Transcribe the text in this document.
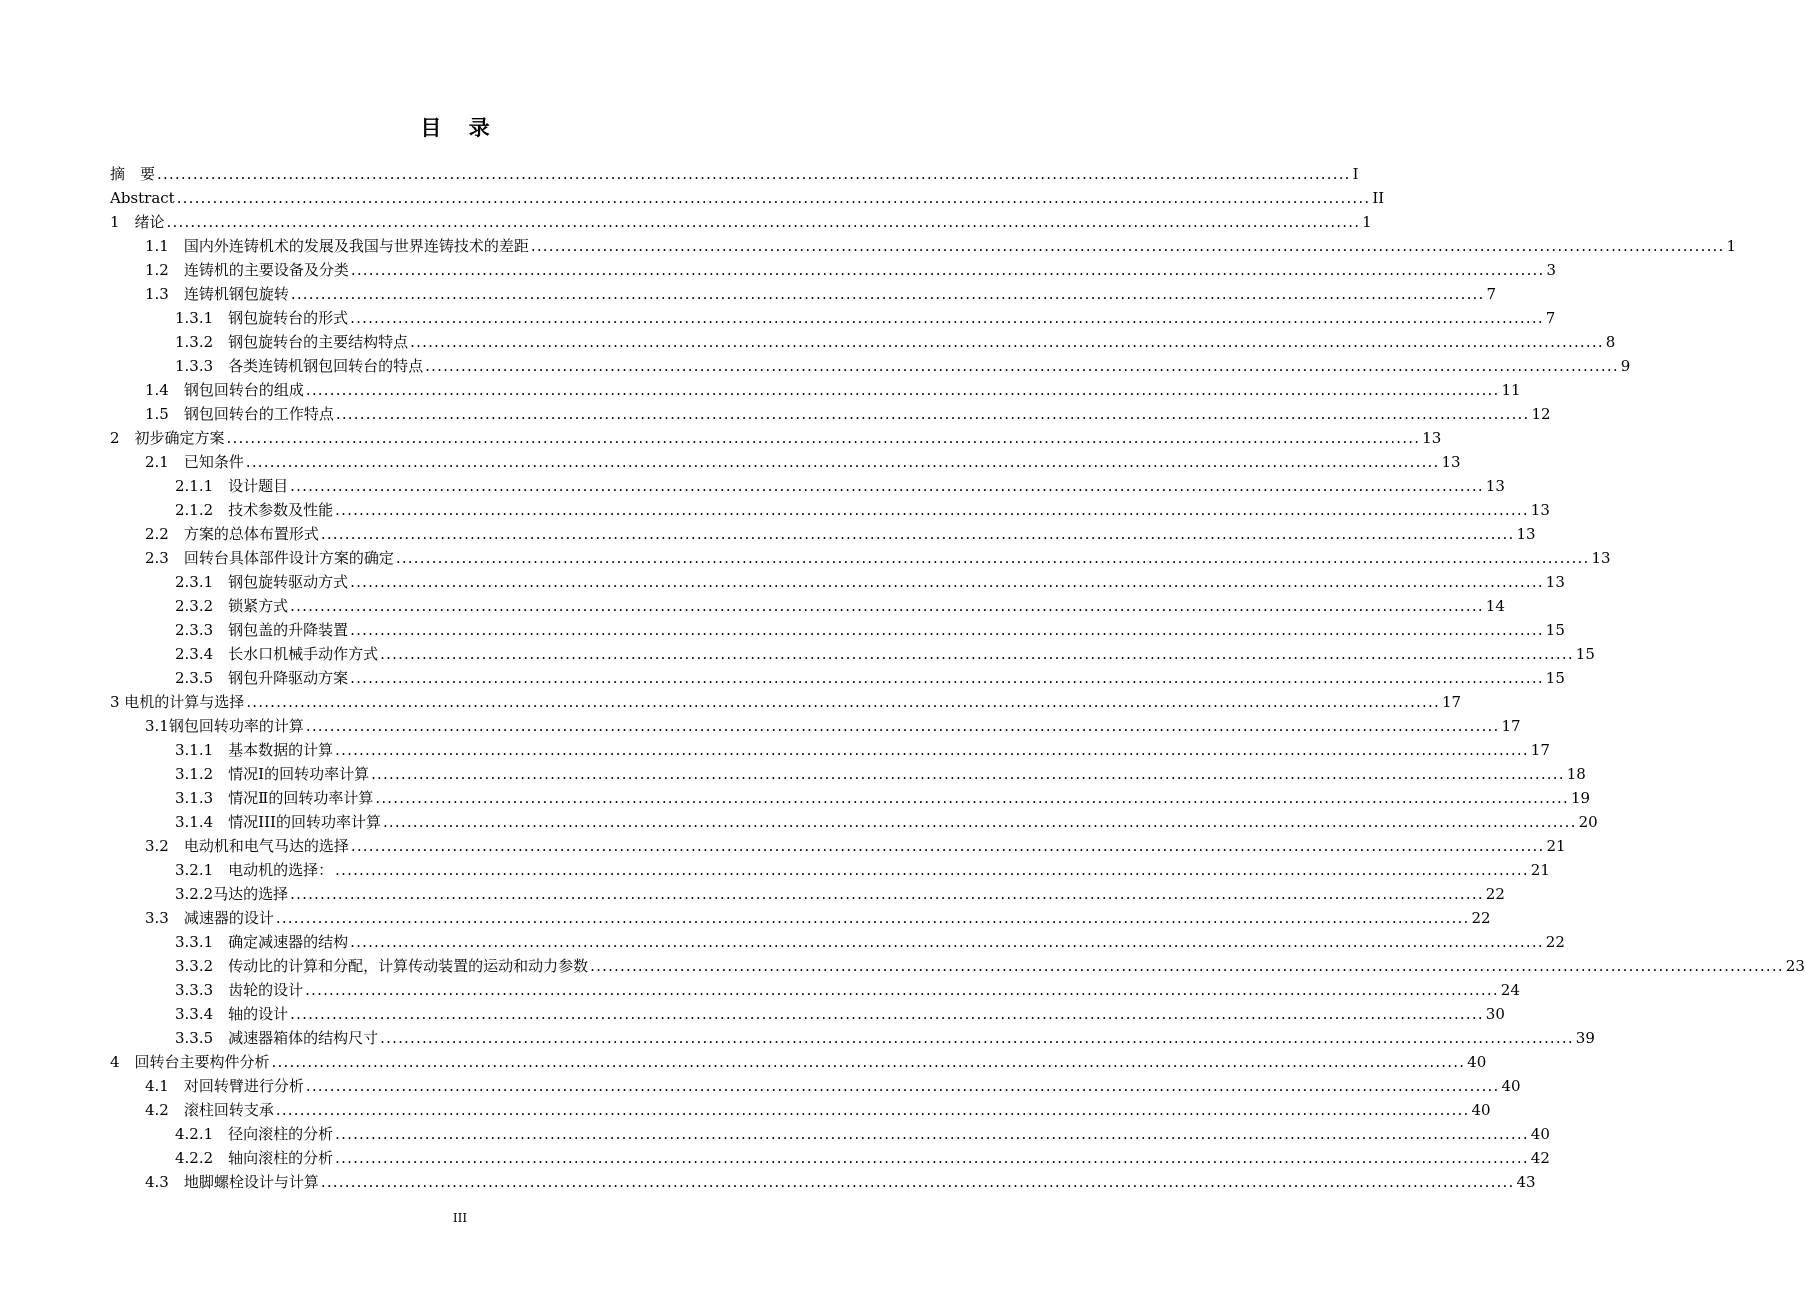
目 录
摘　要 ........................................................................................................................................................................................................ I
Abstract ........................................................................................................................................................................................................ II
1　绪论 ........................................................................................................................................................................................................ 1
1.1　国内外连铸机术的发展及我国与世界连铸技术的差距 ........................................................................................................................................................................................................ 1
1.2　连铸机的主要设备及分类 ........................................................................................................................................................................................................ 3
1.3　连铸机钢包旋转 ........................................................................................................................................................................................................ 7
1.3.1　钢包旋转台的形式 ........................................................................................................................................................................................................ 7
1.3.2　钢包旋转台的主要结构特点 ........................................................................................................................................................................................................ 8
1.3.3　各类连铸机钢包回转台的特点 ........................................................................................................................................................................................................ 9
1.4　钢包回转台的组成 ........................................................................................................................................................................................................ 11
1.5　钢包回转台的工作特点 ........................................................................................................................................................................................................ 12
2　初步确定方案 ........................................................................................................................................................................................................ 13
2.1　已知条件 ........................................................................................................................................................................................................ 13
2.1.1　设计题目 ........................................................................................................................................................................................................ 13
2.1.2　技术参数及性能 ........................................................................................................................................................................................................ 13
2.2　方案的总体布置形式 ........................................................................................................................................................................................................ 13
2.3　回转台具体部件设计方案的确定 ........................................................................................................................................................................................................ 13
2.3.1　钢包旋转驱动方式 ........................................................................................................................................................................................................ 13
2.3.2　锁紧方式 ........................................................................................................................................................................................................ 14
2.3.3　钢包盖的升降装置 ........................................................................................................................................................................................................ 15
2.3.4　长水口机械手动作方式 ........................................................................................................................................................................................................ 15
2.3.5　钢包升降驱动方案 ........................................................................................................................................................................................................ 15
3 电机的计算与选择 ........................................................................................................................................................................................................ 17
3.1钢包回转功率的计算 ........................................................................................................................................................................................................ 17
3.1.1　基本数据的计算 ........................................................................................................................................................................................................ 17
3.1.2　情况Ⅰ的回转功率计算 ........................................................................................................................................................................................................ 18
3.1.3　情况Ⅱ的回转功率计算 ........................................................................................................................................................................................................ 19
3.1.4　情况III的回转功率计算 ........................................................................................................................................................................................................ 20
3.2　电动机和电气马达的选择 ........................................................................................................................................................................................................ 21
3.2.1　电动机的选择： ........................................................................................................................................................................................................ 21
3.2.2马达的选择 ........................................................................................................................................................................................................ 22
3.3　减速器的设计 ........................................................................................................................................................................................................ 22
3.3.1　确定减速器的结构 ........................................................................................................................................................................................................ 22
3.3.2　传动比的计算和分配，计算传动装置的运动和动力参数 ........................................................................................................................................................................................................ 23
3.3.3　齿轮的设计 ........................................................................................................................................................................................................ 24
3.3.4　轴的设计 ........................................................................................................................................................................................................ 30
3.3.5　减速器箱体的结构尺寸 ........................................................................................................................................................................................................ 39
4　回转台主要构件分析 ........................................................................................................................................................................................................ 40
4.1　对回转臂进行分析 ........................................................................................................................................................................................................ 40
4.2　滚柱回转支承 ........................................................................................................................................................................................................ 40
4.2.1　径向滚柱的分析 ........................................................................................................................................................................................................ 40
4.2.2　轴向滚柱的分析 ........................................................................................................................................................................................................ 42
4.3　地脚螺栓设计与计算 ........................................................................................................................................................................................................ 43
III
